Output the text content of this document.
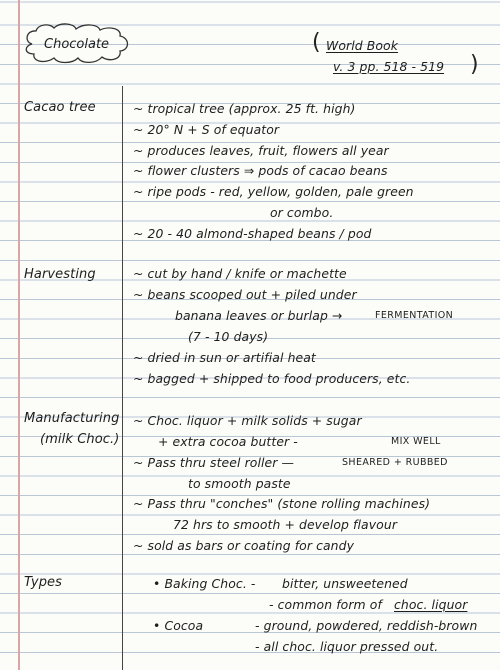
Chocolate	( World Book
v. 3 pp. 518 - 519 )
Cacao tree	~ tropical tree (approx. 25 ft. high)
~ 20° N + S of equator
~ produces leaves, fruit, flowers all year
~ flower clusters ⇒ pods of cacao beans
~ ripe pods - red, yellow, golden, pale green
or combo.
~ 20 - 40 almond-shaped beans / pod
Harvesting	~ cut by hand / knife or machette
~ beans scooped out + piled under
banana leaves or burlap →	FERMENTATION
(7 - 10 days)
~ dried in sun or artifial heat
~ bagged + shipped to food producers, etc.
Manufacturing
(milk Choc.)
~ Choc. liquor + milk solids + sugar
+ extra cocoa butter -	MIX WELL
~ Pass thru steel roller —	SHEARED + RUBBED
to smooth paste
~ Pass thru "conches" (stone rolling machines)
72 hrs to smooth + develop flavour
~ sold as bars or coating for candy
Types	• Baking Choc. - bitter, unsweetened
- common form of choc. liquor
• Cocoa	- ground, powdered, reddish-brown
- all choc. liquor pressed out.
